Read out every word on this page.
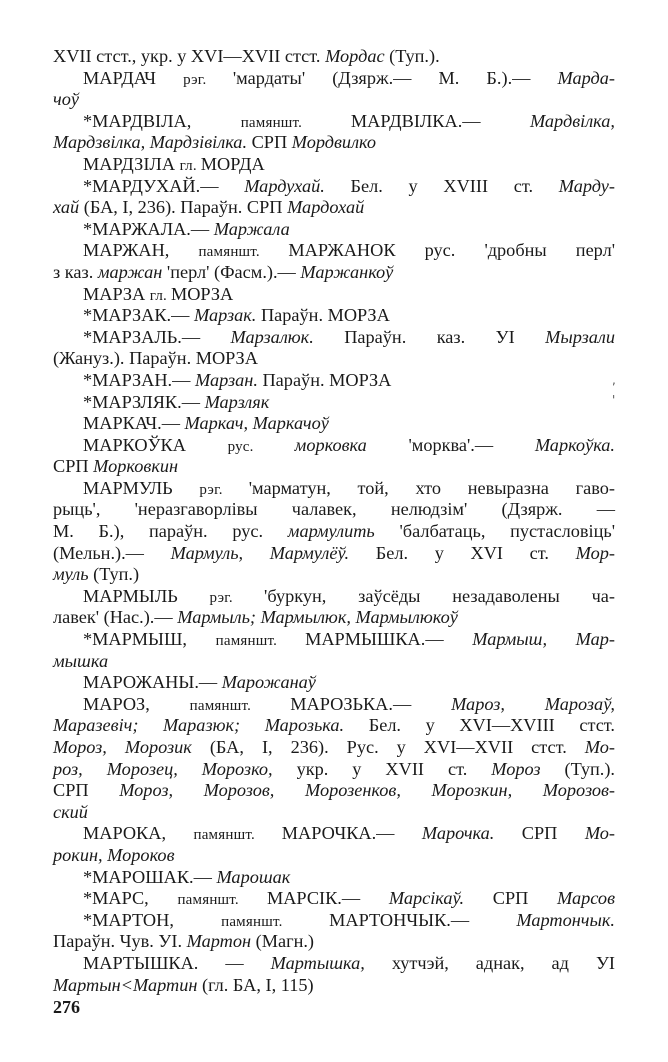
XVII стст., укр. у XVI—XVII стст. Мордас (Туп.).
МАРДАЧ рэг. 'мардаты' (Дзярж.— М. Б.).— Марда-
чоў
*МАРДВІЛА, памяншт. МАРДВІЛКА.— Мардвілка,
Мардзвілка, Мардзівілка. СРП Мордвилко
МАРДЗІЛА гл. МОРДА
*МАРДУХАЙ.— Мардухай. Бел. у XVIII ст. Марду-
хай (БА, I, 236). Параўн. СРП Мардохай
*МАРЖАЛА.— Маржала
МАРЖАН, памяншт. МАРЖАНОК рус. 'дробны перл'
з каз. маржан 'перл' (Фасм.).— Маржанкоў
МАРЗА гл. МОРЗА
*МАРЗАК.— Марзак. Параўн. МОРЗА
*МАРЗАЛЬ.— Марзалюк. Параўн. каз. УІ Мырзали
(Жануз.). Параўн. МОРЗА
*МАРЗАН.— Марзан. Параўн. МОРЗА
*МАРЗЛЯК.— Марзляк
МАРКАЧ.— Маркач, Маркачоў
МАРКОЎКА рус. морковка 'морква'.— Маркоўка.
СРП Морковкин
МАРМУЛЬ рэг. 'марматун, той, хто невыразна гаво-
рыць', 'неразгаворлівы чалавек, нелюдзім' (Дзярж. —
М. Б.), параўн. рус. мармулить 'балбатаць, пустасловіць'
(Мельн.).— Мармуль, Мармулёў. Бел. у XVI ст. Мор-
муль (Туп.)
МАРМЫЛЬ рэг. 'буркун, заўсёды незадаволены ча-
лавек' (Нас.).— Мармыль; Мармылюк, Мармылюкоў
*МАРМЫШ, памяншт. МАРМЫШКА.— Мармыш, Мар-
мышка
МАРОЖАНЫ.— Марожанаў
МАРОЗ, памяншт. МАРОЗЬКА.— Мароз, Марозаў,
Маразевіч; Маразюк; Марозька. Бел. у XVI—XVIII стст.
Мороз, Морозик (БА, I, 236). Рус. у XVI—XVII стст. Мо-
роз, Морозец, Морозко, укр. у XVII ст. Мороз (Туп.).
СРП Мороз, Морозов, Морозенков, Морозкин, Морозов-
ский
МАРОКА, памяншт. МАРОЧКА.— Марочка. СРП Мо-
рокин, Мороков
*МАРОШАК.— Марошак
*МАРС, памяншт. МАРСІК.— Марсікаў. СРП Марсов
*МАРТОН, памяншт. МАРТОНЧЫК.— Мартончык.
Параўн. Чув. УІ. Мартон (Магн.)
МАРТЫШКА. — Мартышка, хутчэй, аднак, ад УІ
Мартын<Мартин (гл. БА, I, 115)
276
,
'
